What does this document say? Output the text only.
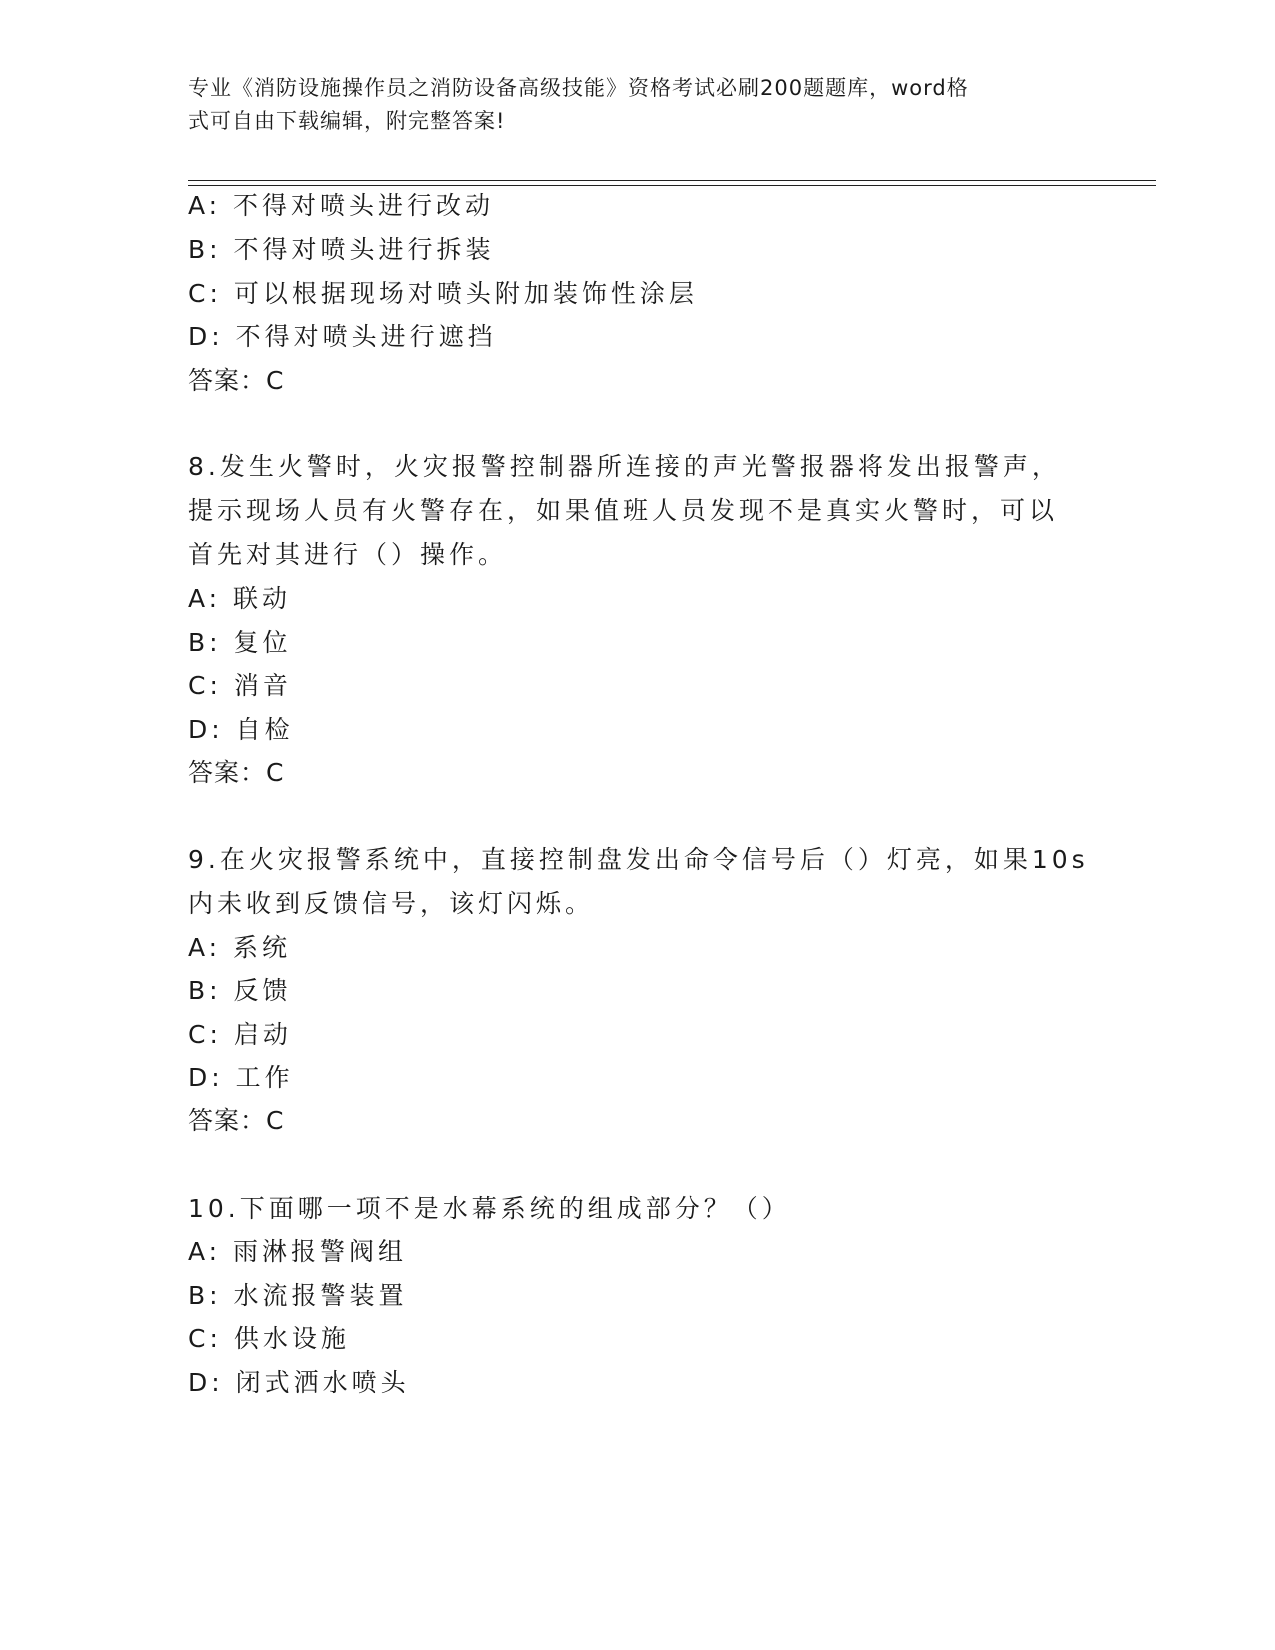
专业《消防设施操作员之消防设备高级技能》资格考试必刷200题题库，word格
式可自由下载编辑，附完整答案!
A: 不得对喷头进行改动
B: 不得对喷头进行拆装
C: 可以根据现场对喷头附加装饰性涂层
D: 不得对喷头进行遮挡
答案：C
8.发生火警时，火灾报警控制器所连接的声光警报器将发出报警声，
提示现场人员有火警存在，如果值班人员发现不是真实火警时，可以
首先对其进行（）操作。
A: 联动
B: 复位
C: 消音
D: 自检
答案：C
9.在火灾报警系统中，直接控制盘发出命令信号后（）灯亮，如果10s
内未收到反馈信号，该灯闪烁。
A: 系统
B: 反馈
C: 启动
D: 工作
答案：C
10.下面哪一项不是水幕系统的组成部分？（）
A: 雨淋报警阀组
B: 水流报警装置
C: 供水设施
D: 闭式洒水喷头
